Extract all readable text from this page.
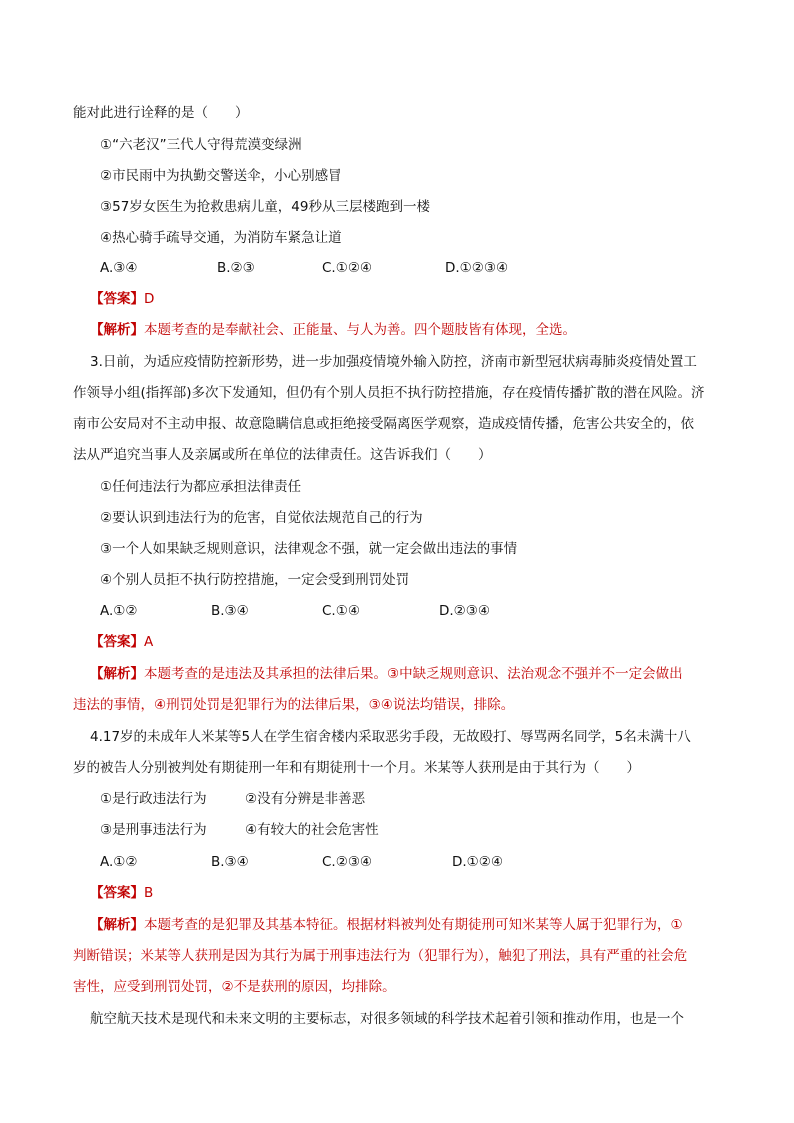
能对此进行诠释的是（　　）
①“六老汉”三代人守得荒漠变绿洲
②市民雨中为执勤交警送伞，小心别感冒
③57岁女医生为抢救患病儿童，49秒从三层楼跑到一楼
④热心骑手疏导交通，为消防车紧急让道
A.③④	B.②③	C.①②④	D.①②③④
【答案】D
【解析】本题考查的是奉献社会、正能量、与人为善。四个题肢皆有体现，全选。
3.日前，为适应疫情防控新形势，进一步加强疫情境外输入防控，济南市新型冠状病毒肺炎疫情处置工
作领导小组(指挥部)多次下发通知，但仍有个别人员拒不执行防控措施，存在疫情传播扩散的潜在风险。济
南市公安局对不主动申报、故意隐瞒信息或拒绝接受隔离医学观察，造成疫情传播，危害公共安全的，依
法从严追究当事人及亲属或所在单位的法律责任。这告诉我们（　　）
①任何违法行为都应承担法律责任
②要认识到违法行为的危害，自觉依法规范自己的行为
③一个人如果缺乏规则意识，法律观念不强，就一定会做出违法的事情
④个别人员拒不执行防控措施，一定会受到刑罚处罚
A.①②	B.③④	C.①④	D.②③④
【答案】A
【解析】本题考查的是违法及其承担的法律后果。③中缺乏规则意识、法治观念不强并不一定会做出
违法的事情，④刑罚处罚是犯罪行为的法律后果，③④说法均错误，排除。
4.17岁的未成年人米某等5人在学生宿舍楼内采取恶劣手段，无故殴打、辱骂两名同学，5名未满十八
岁的被告人分别被判处有期徒刑一年和有期徒刑十一个月。米某等人获刑是由于其行为（　　）
①是行政违法行为	②没有分辨是非善恶
③是刑事违法行为	④有较大的社会危害性
A.①②	B.③④	C.②③④	D.①②④
【答案】B
【解析】本题考查的是犯罪及其基本特征。根据材料被判处有期徒刑可知米某等人属于犯罪行为，①
判断错误；米某等人获刑是因为其行为属于刑事违法行为（犯罪行为），触犯了刑法，具有严重的社会危
害性，应受到刑罚处罚，②不是获刑的原因，均排除。
航空航天技术是现代和未来文明的主要标志，对很多领域的科学技术起着引领和推动作用，也是一个
